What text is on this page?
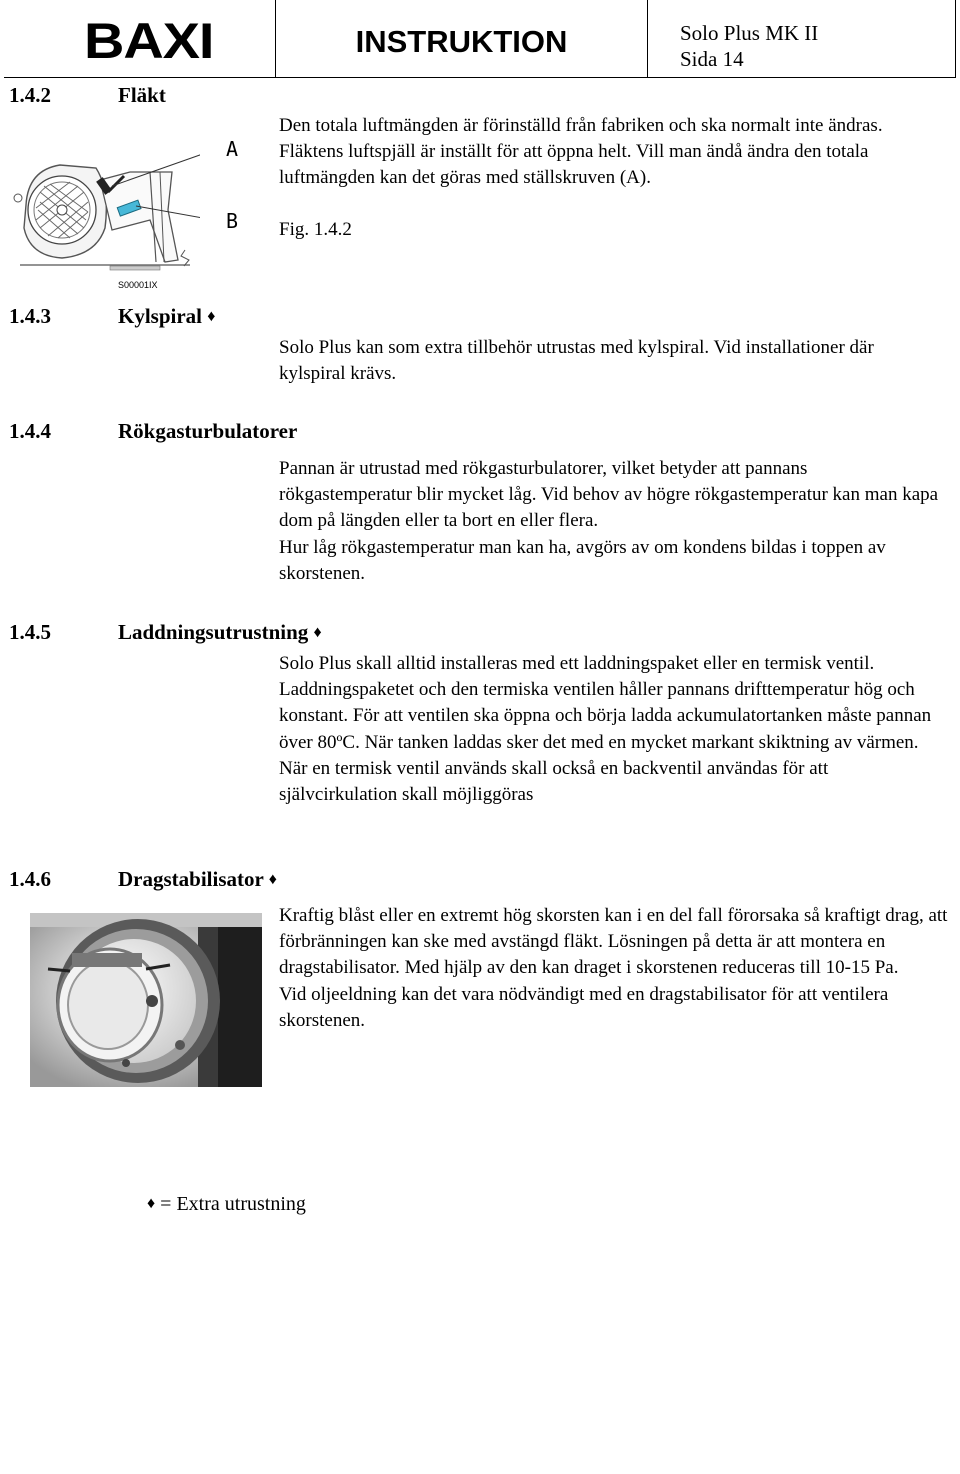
BAXI	INSTRUKTION	Solo Plus MK II
Sida 14
1.4.2	Fläkt
S00001IX
A
B

Den totala luftmängden är förinställd från fabriken och ska normalt inte ändras. Fläktens luftspjäll är inställt för att öppna helt. Vill man ändå ändra den totala luftmängden kan det göras med ställskruven (A).

Fig. 1.4.2
1.4.3	Kylspiral ♦

Solo Plus kan som extra tillbehör utrustas med kylspiral. Vid installationer där kylspiral krävs.

1.4.4	Rökgasturbulatorer

Pannan är utrustad med rökgasturbulatorer, vilket betyder att pannans rökgastemperatur blir mycket låg. Vid behov av högre rökgastemperatur kan man kapa dom på längden eller ta bort en eller flera.

Hur låg rökgastemperatur man kan ha, avgörs av om kondens bildas i toppen av skorstenen.

1.4.5	Laddningsutrustning ♦

Solo Plus skall alltid installeras med ett laddningspaket eller en termisk ventil. Laddningspaketet och den termiska ventilen håller pannans drifttemperatur hög och konstant. För att ventilen ska öppna och börja ladda ackumulatortanken måste pannan över 80ºC. När tanken laddas sker det med en mycket markant skiktning av värmen.

När en termisk ventil används skall också en backventil användas för att självcirkulation skall möjliggöras

1.4.6	Dragstabilisator ♦

Kraftig blåst eller en extremt hög skorsten kan i en del fall förorsaka så kraftigt drag, att förbränningen kan ske med avstängd fläkt. Lösningen på detta är att montera en dragstabilisator. Med hjälp av den kan draget i skorstenen reduceras till 10-15 Pa.

Vid oljeeldning kan det vara nödvändigt med en dragstabilisator för att ventilera skorstenen.

♦ = Extra utrustning
